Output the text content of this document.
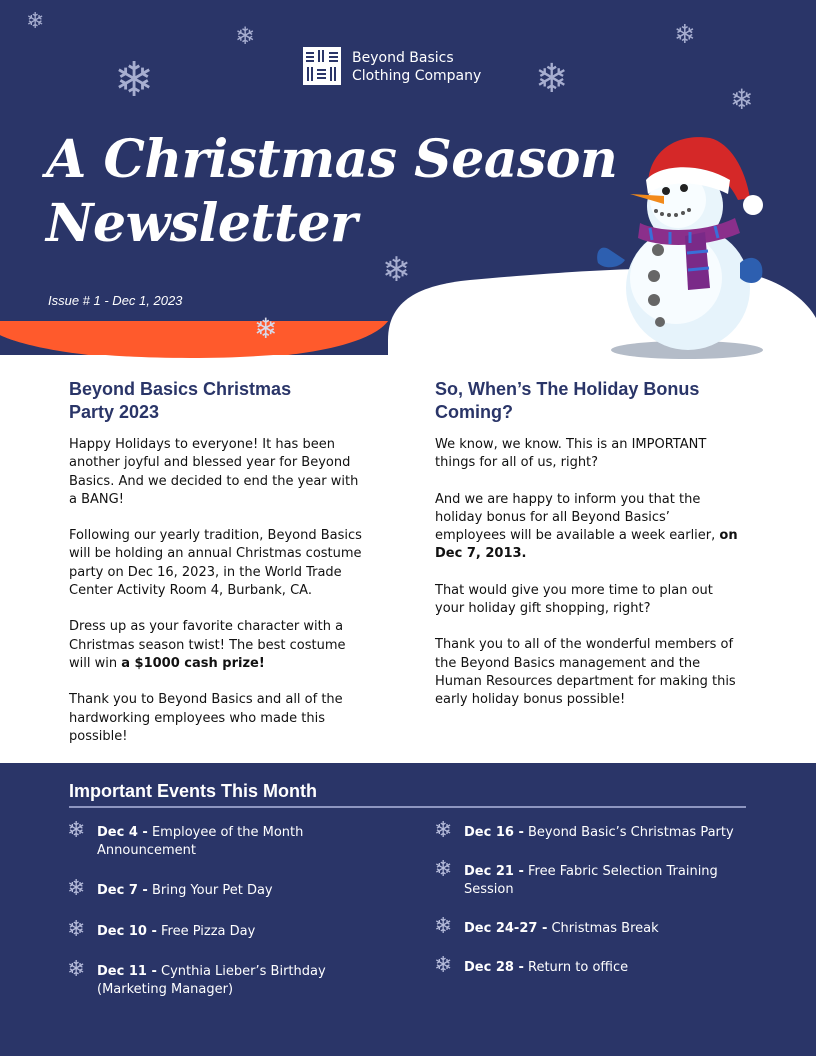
❄
❄
❄
❄
❄	❄
❄
Beyond Basics
Clothing Company
A Christmas Season
Newsletter
❄
Issue # 1 - Dec 1, 2023
Beyond Basics Christmas
Party 2023

Happy Holidays to everyone! It has been another joyful and blessed year for Beyond Basics. And we decided to end the year with a BANG!

Following our yearly tradition, Beyond Basics will be holding an annual Christmas costume party on Dec 16, 2023, in the World Trade Center Activity Room 4, Burbank, CA.

Dress up as your favorite character with a Christmas season twist! The best costume will win a $1000 cash prize!

Thank you to Beyond Basics and all of the hardworking employees who made this possible!

So, When’s The Holiday Bonus
Coming?

We know, we know. This is an IMPORTANT things for all of us, right?

And we are happy to inform you that the holiday bonus for all Beyond Basics’ employees will be available a week earlier, on Dec 7, 2013.

That would give you more time to plan out your holiday gift shopping, right?

Thank you to all of the wonderful members of the Beyond Basics management and the Human Resources department for making this early holiday bonus possible!

Important Events This Month
❄ Dec 4 - Employee of the Month Announcement
❄ Dec 7 - Bring Your Pet Day
❄ Dec 10 - Free Pizza Day
❄ Dec 11 - Cynthia Lieber’s Birthday (Marketing Manager)
❄ Dec 16 - Beyond Basic’s Christmas Party
❄ Dec 21 - Free Fabric Selection Training Session
❄ Dec 24-27 - Christmas Break
❄ Dec 28 - Return to office
